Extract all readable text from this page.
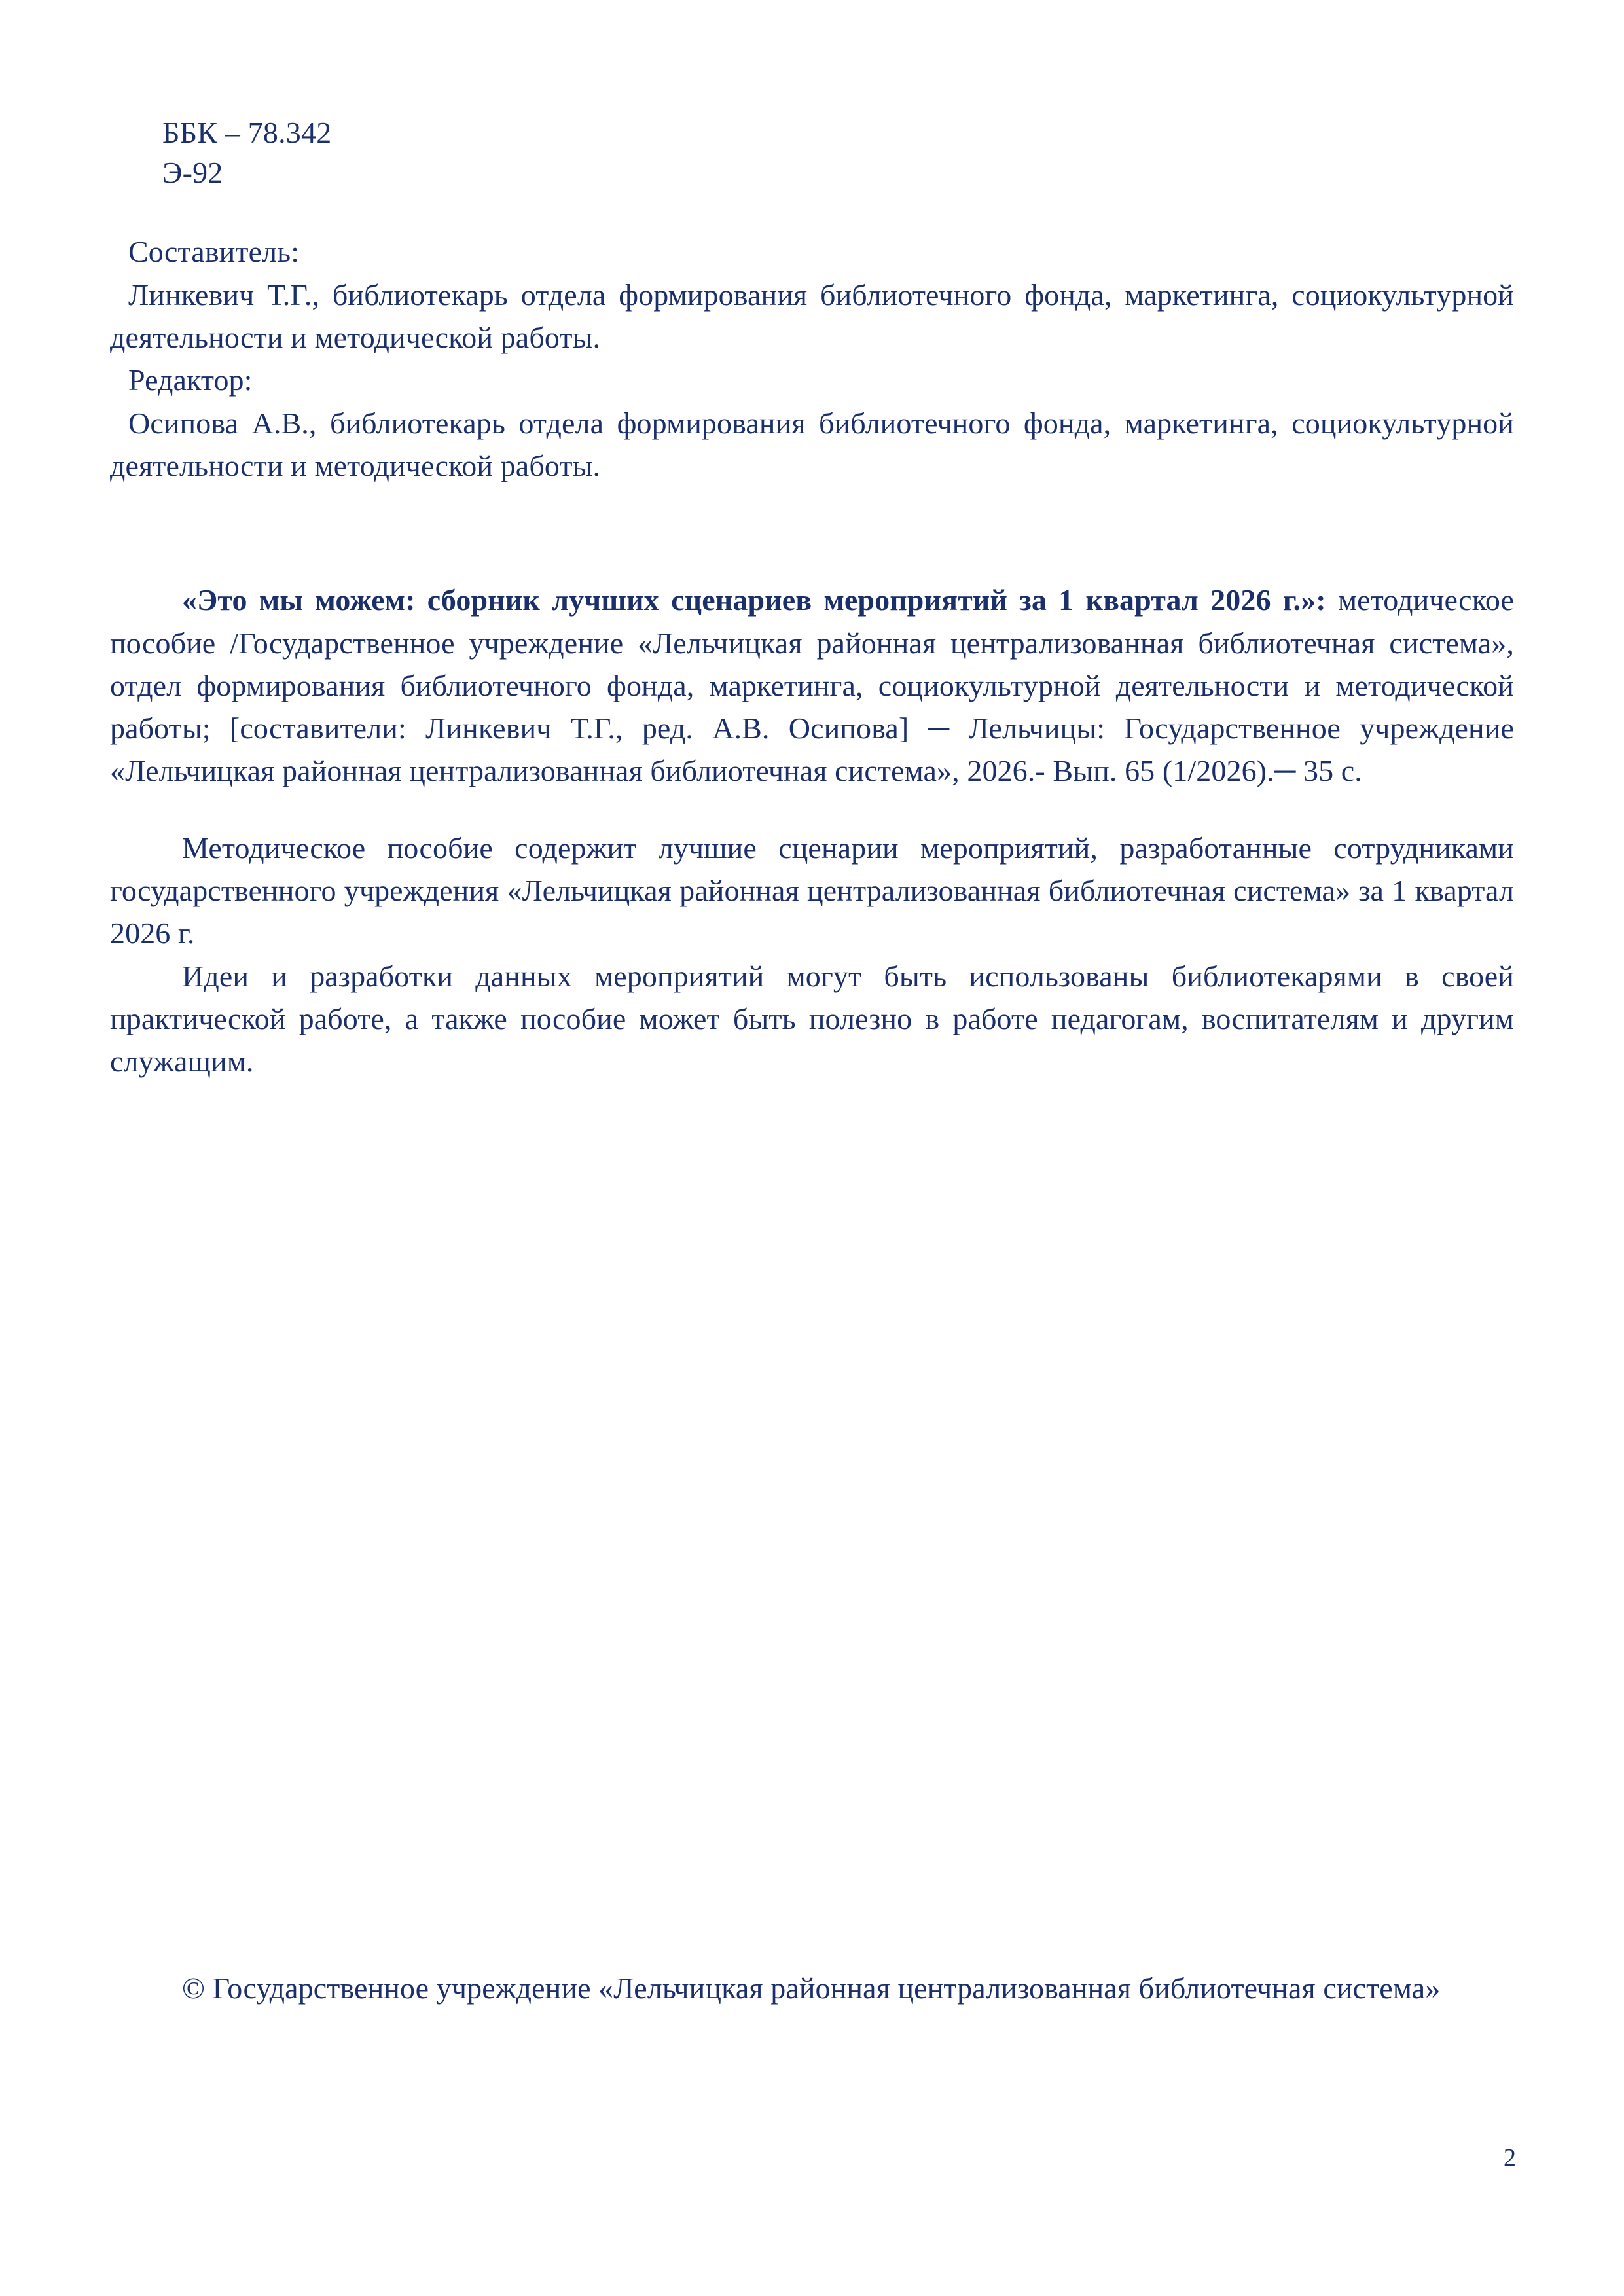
ББК – 78.342
Э-92

Составитель:

Линкевич Т.Г., библиотекарь отдела формирования библиотечного фонда, маркетинга, социокультурной деятельности и методической работы.

Редактор:

Осипова А.В., библиотекарь отдела формирования библиотечного фонда, маркетинга, социокультурной деятельности и методической работы.

«Это мы можем: сборник лучших сценариев мероприятий за 1 квартал 2026 г.»: методическое пособие /Государственное учреждение «Лельчицкая районная централизованная библиотечная система», отдел формирования библиотечного фонда, маркетинга, социокультурной деятельности и методической работы; [составители: Линкевич Т.Г., ред. А.В. Осипова] ─ Лельчицы: Государственное учреждение «Лельчицкая районная централизованная библиотечная система», 2026.- Вып. 65 (1/2026).─ 35 с.

Методическое пособие содержит лучшие сценарии мероприятий, разработанные сотрудниками государственного учреждения «Лельчицкая районная централизованная библиотечная система» за 1 квартал 2026 г.

Идеи и разработки данных мероприятий могут быть использованы библиотекарями в своей практической работе, а также пособие может быть полезно в работе педагогам, воспитателям и другим служащим.

© Государственное учреждение «Лельчицкая районная централизованная библиотечная система»

2
